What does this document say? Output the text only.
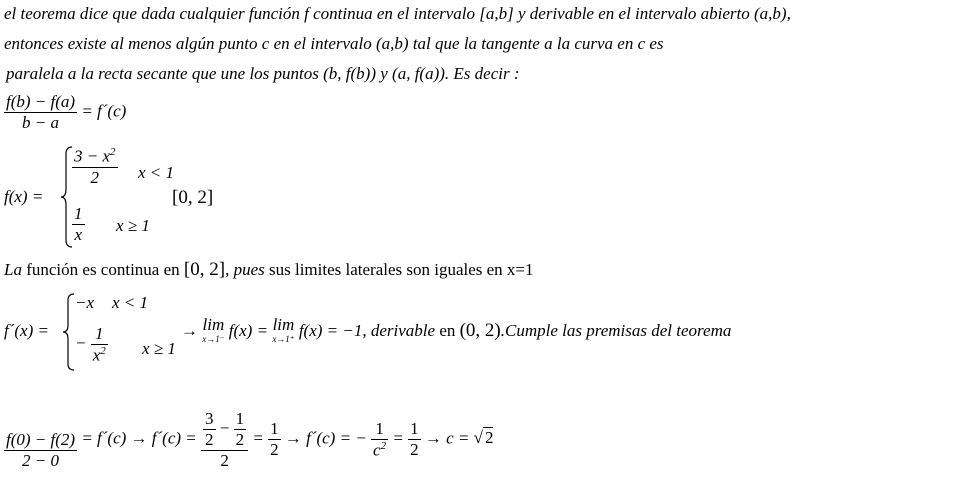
el teorema dice que dada cualquier función f continua en el intervalo [a,b] y derivable en el intervalo abierto (a,b),
entonces existe al menos algún punto c en el intervalo (a,b) tal que la tangente a la curva en c es
paralela a la recta secante que une los puntos (b, f(b)) y (a, f(a)). Es decir :
$\frac{f(b) - f(a)}{b - a}$ = f´(c)
f(x) =
$\frac{3 - x^2}{2}$ x < 1
$\frac{1}{x}$ x ≥ 1
[0, 2]
La función es continua en [0, 2], pues sus limites laterales son iguales en x=1
f´(x) =
−x x < 1
− $\frac{1}{x^2}$ x ≥ 1
→ lim
x→1⁻ f(x) = lim
x→1⁺ f(x) = −1, derivable en (0, 2).Cumple las premisas del teorema
$\frac{f(0) - f(2)}{2 - 0}$ = f´(c) → f´(c) = $\frac{\frac{3}{2} - \frac{1}{2}}{2} = \frac{1}{2}$ → f´(c) = − $\frac{1}{c^2} = \frac{1}{2} \to c$ = √ 2
